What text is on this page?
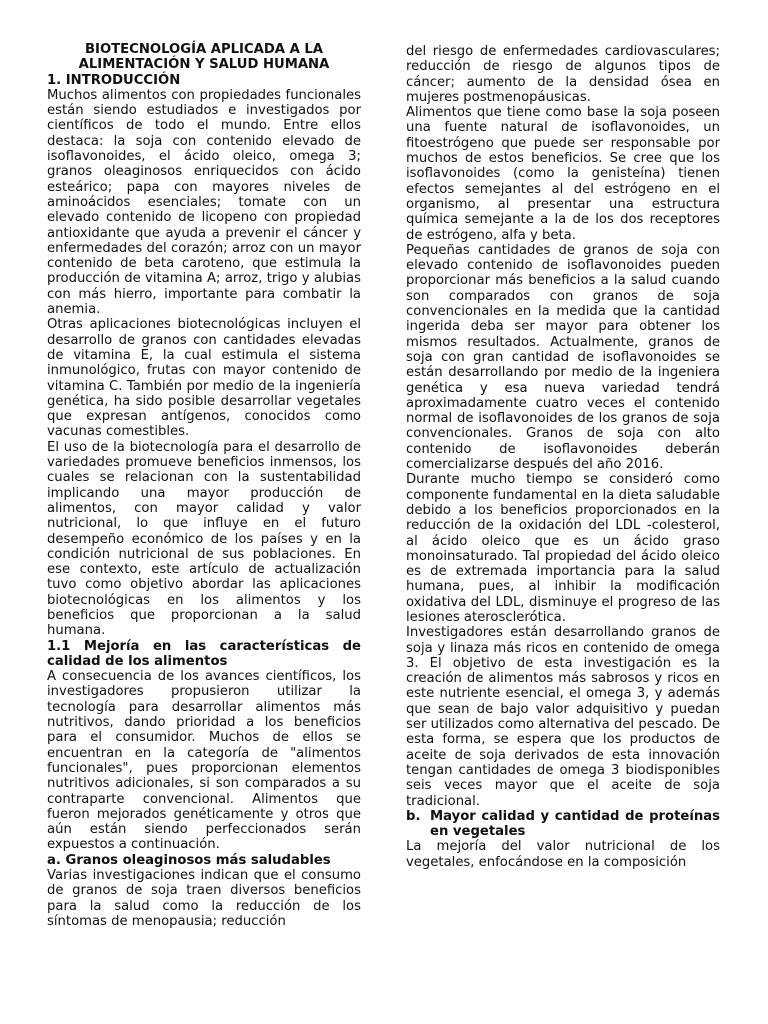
BIOTECNOLOGÍA APLICADA A LA

ALIMENTACIÓN Y SALUD HUMANA

1. INTRODUCCIÓN

Muchos alimentos con propiedades funcionales están siendo estudiados e investigados por científicos de todo el mundo. Entre ellos destaca: la soja con contenido elevado de isoflavonoides, el ácido oleico, omega 3; granos oleaginosos enriquecidos con ácido esteárico; papa con mayores niveles de aminoácidos esenciales; tomate con un elevado contenido de licopeno con propiedad antioxidante que ayuda a prevenir el cáncer y enfermedades del corazón; arroz con un mayor contenido de beta caroteno, que estimula la producción de vitamina A; arroz, trigo y alubias con más hierro, importante para combatir la anemia.

Otras aplicaciones biotecnológicas incluyen el desarrollo de granos con cantidades elevadas de vitamina E, la cual estimula el sistema inmunológico, frutas con mayor contenido de vitamina C. También por medio de la ingeniería genética, ha sido posible desarrollar vegetales que expresan antígenos, conocidos como vacunas comestibles.

El uso de la biotecnología para el desarrollo de variedades promueve beneficios inmensos, los cuales se relacionan con la sustentabilidad implicando una mayor producción de alimentos, con mayor calidad y valor nutricional, lo que influye en el futuro desempeño económico de los países y en la condición nutricional de sus poblaciones. En ese contexto, este artículo de actualización tuvo como objetivo abordar las aplicaciones biotecnológicas en los alimentos y los beneficios que proporcionan a la salud humana.

1.1 Mejoría en las características de calidad de los alimentos

A consecuencia de los avances científicos, los investigadores propusieron utilizar la tecnología para desarrollar alimentos más nutritivos, dando prioridad a los beneficios para el consumidor. Muchos de ellos se encuentran en la categoría de "alimentos funcionales", pues proporcionan elementos nutritivos adicionales, si son comparados a su contraparte convencional. Alimentos que fueron mejorados genéticamente y otros que aún están siendo perfeccionados serán expuestos a continuación.

a. Granos oleaginosos más saludables

Varias investigaciones indican que el consumo de granos de soja traen diversos beneficios para la salud como la reducción de los síntomas de menopausia; reducción

del riesgo de enfermedades cardiovasculares; reducción de riesgo de algunos tipos de cáncer; aumento de la densidad ósea en mujeres postmenopáusicas.

Alimentos que tiene como base la soja poseen una fuente natural de isoflavonoides, un fitoestrógeno que puede ser responsable por muchos de estos beneficios. Se cree que los isoflavonoides (como la genisteína) tienen efectos semejantes al del estrógeno en el organismo, al presentar una estructura química semejante a la de los dos receptores de estrógeno, alfa y beta.

Pequeñas cantidades de granos de soja con elevado contenido de isoflavonoides pueden proporcionar más beneficios a la salud cuando son comparados con granos de soja convencionales en la medida que la cantidad ingerida deba ser mayor para obtener los mismos resultados. Actualmente, granos de soja con gran cantidad de isoflavonoides se están desarrollando por medio de la ingeniera genética y esa nueva variedad tendrá aproximadamente cuatro veces el contenido normal de isoflavonoides de los granos de soja convencionales. Granos de soja con alto contenido de isoflavonoides deberán comercializarse después del año 2016.

Durante mucho tiempo se consideró como componente fundamental en la dieta saludable debido a los beneficios proporcionados en la reducción de la oxidación del LDL -colesterol, al ácido oleico que es un ácido graso monoinsaturado. Tal propiedad del ácido oleico es de extremada importancia para la salud humana, pues, al inhibir la modificación oxidativa del LDL, disminuye el progreso de las lesiones aterosclerótica.

Investigadores están desarrollando granos de soja y linaza más ricos en contenido de omega 3. El objetivo de esta investigación es la creación de alimentos más sabrosos y ricos en este nutriente esencial, el omega 3, y además que sean de bajo valor adquisitivo y puedan ser utilizados como alternativa del pescado. De esta forma, se espera que los productos de aceite de soja derivados de esta innovación tengan cantidades de omega 3 biodisponibles seis veces mayor que el aceite de soja tradicional.

b. Mayor calidad y cantidad de proteínas en vegetales

La mejoría del valor nutricional de los vegetales, enfocándose en la composición
